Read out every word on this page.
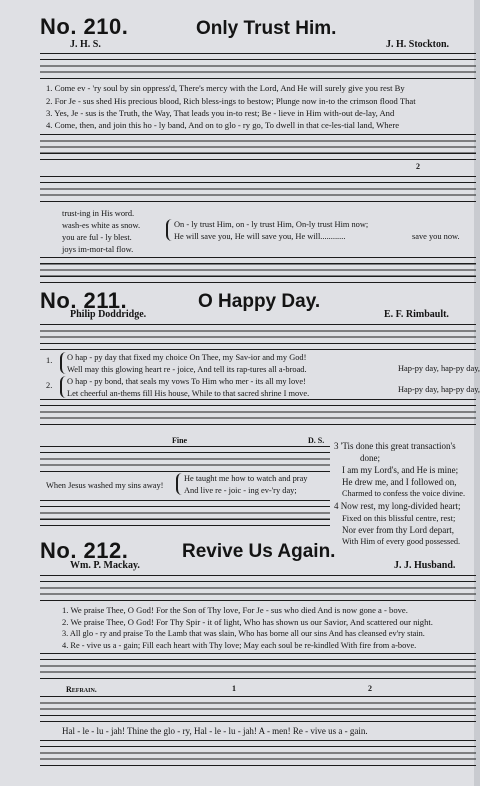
No. 210.	Only Trust Him.
J. H. S.	J. H. Stockton.
1. Come ev - 'ry soul by sin oppress'd, There's mercy with the Lord, And He will surely give you rest By
2. For Je - sus shed His precious blood, Rich bless-ings to bestow; Plunge now in-to the crimson flood That
3. Yes, Je - sus is the Truth, the Way, That leads you in-to rest; Be - lieve in Him with-out de-lay, And
4. Come, then, and join this ho - ly band, And on to glo - ry go, To dwell in that ce-les-tial land, Where
2
trust-ing in His word.
wash-es white as snow.
you are ful - ly blest.
joys im-mor-tal flow.
On - ly trust Him, on - ly trust Him, On-ly trust Him now;
He will save you, He will save you, He will............	save you now.
No. 211.	O Happy Day.
Philip Doddridge.	E. F. Rimbault.
1. O hap - py day that fixed my choice On Thee, my Sav-ior and my God!
Well may this glowing heart re - joice, And tell its rap-tures all a-broad.	Hap-py day, hap-py day,
2. O hap - py bond, that seals my vows To Him who mer - its all my love!
Let cheerful an-thems fill His house, While to that sacred shrine I move.	Hap-py day, hap-py day,
Fine	D. S.
When Jesus washed my sins away!
He taught me how to watch and pray
And live re - joic - ing ev-'ry day;
3 'Tis done this great transaction's
done;
I am my Lord's, and He is mine;
He drew me, and I followed on,
Charmed to confess the voice divine.
4 Now rest, my long-divided heart;
Fixed on this blissful centre, rest;
Nor ever from thy Lord depart,
With Him of every good possessed.
No. 212.	Revive Us Again.
Wm. P. Mackay.	J. J. Husband.
1. We praise Thee, O God! For the Son of Thy love, For Je - sus who died And is now gone a - bove.
2. We praise Thee, O God! For Thy Spir - it of light, Who has shown us our Savior, And scattered our night.
3. All glo - ry and praise To the Lamb that was slain, Who has borne all our sins And has cleansed ev'ry stain.
4. Re - vive us a - gain; Fill each heart with Thy love; May each soul be re-kindled With fire from a-bove.
Refrain.	1	2
Hal - le - lu - jah! Thine the glo - ry, Hal - le - lu - jah! A - men! Re - vive us a - gain.
